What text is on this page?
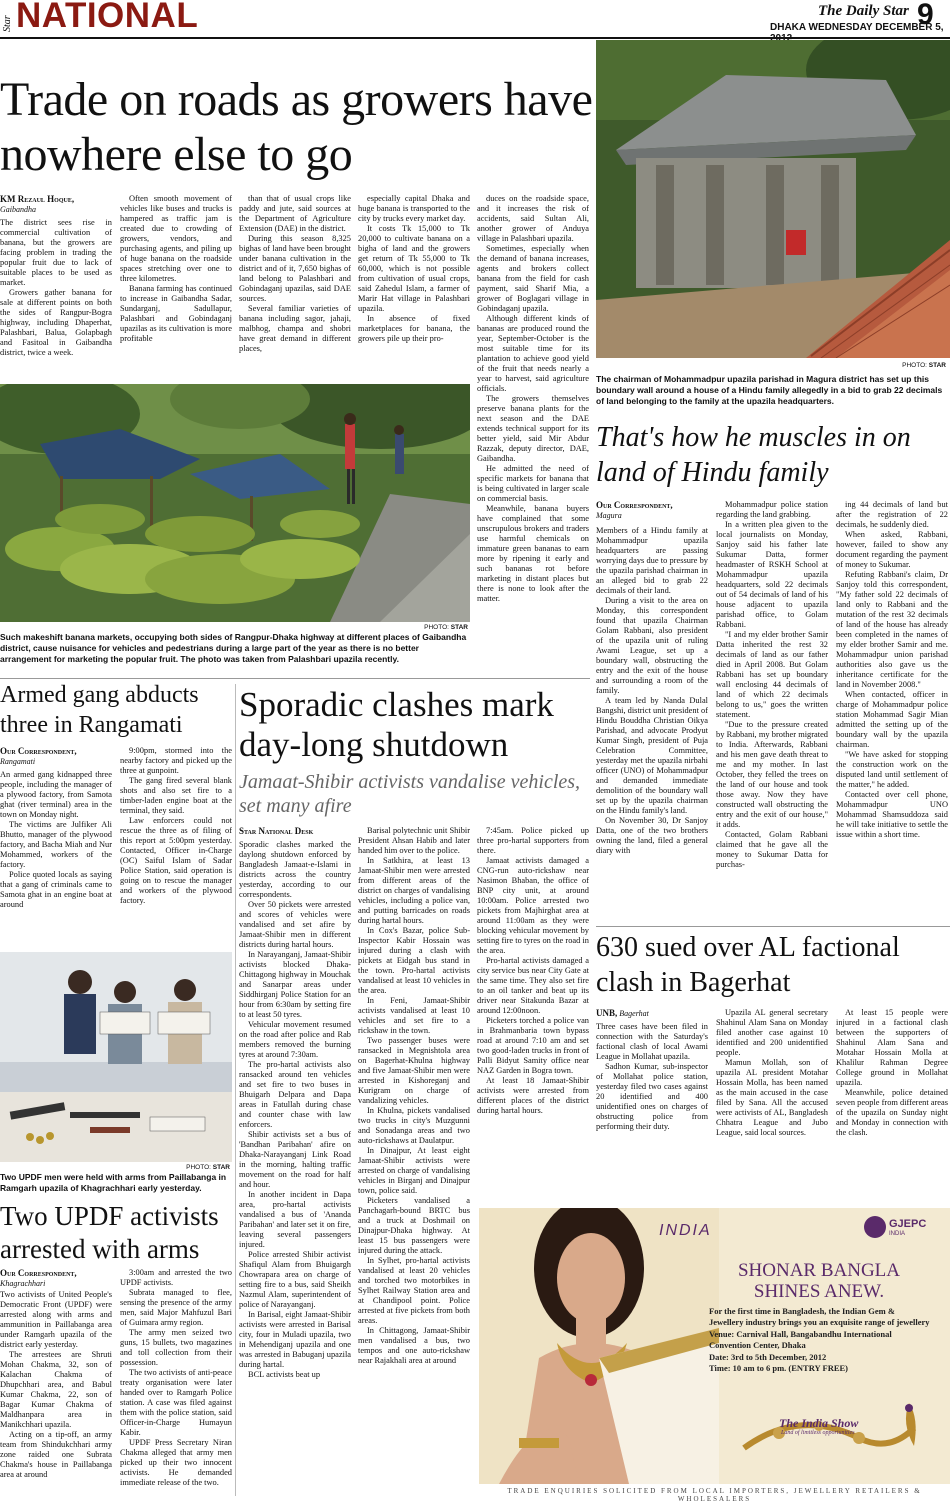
Star NATIONAL	The Daily Star
DHAKA WEDNESDAY DECEMBER 5,
9
Trade on roads as growers have nowhere else to go
KM Rezaul Hoque,
Gaibandha

The district sees rise in commercial cultivation of banana, but the growers are facing problem in trading the popular fruit due to lack of suitable places to be used as market.

Growers gather banana for sale at different points on both the sides of Rangpur-Bogra highway, including Dhaperhat, Palashbari, Balua, Golapbagh and Fasitoal in Gaibandha district, twice a week.

Often smooth movement of vehicles like buses and trucks is hampered as traffic jam is created due to crowding of growers, vendors, and purchasing agents, and piling up of huge banana on the roadside spaces stretching over one to three kilometres.

Banana farming has continued to increase in Gaibandha Sadar, Sundarganj, Sadullapur, Palashbari and Gobindaganj upazilas as its cultivation is more profitable

than that of usual crops like paddy and jute, said sources at the Department of Agriculture Extension (DAE) in the district.

During this season 8,325 bighas of land have been brought under banana cultivation in the district and of it, 7,650 bighas of land belong to Palashbari and Gobindaganj upazilas, said DAE sources.

Several familiar varieties of banana including sagor, jahaji, malbhog, champa and shobri have great demand in different places,

especially capital Dhaka and huge banana is transported to the city by trucks every market day.

It costs Tk 15,000 to Tk 20,000 to cultivate banana on a bigha of land and the growers get return of Tk 55,000 to Tk 60,000, which is not possible from cultivation of usual crops, said Zahedul Islam, a farmer of Marir Hat village in Palashbari upazila.

In absence of fixed marketplaces for banana, the growers pile up their pro-

duces on the roadside space, and it increases the risk of accidents, said Sultan Ali, another grower of Anduya village in Palashbari upazila.

Sometimes, especially when the demand of banana increases, agents and brokers collect banana from the field for cash payment, said Sharif Mia, a grower of Boglagari village in Gobindaganj upazila.

Although different kinds of bananas are produced round the year, September-October is the most suitable time for its plantation to achieve good yield of the fruit that needs nearly a year to harvest, said agriculture officials.

The growers themselves preserve banana plants for the next season and the DAE extends technical support for its better yield, said Mir Abdur Razzak, deputy director, DAE, Gaibandha.

He admitted the need of specific markets for banana that is being cultivated in larger scale on commercial basis.

Meanwhile, banana buyers have complained that some unscrupulous brokers and traders use harmful chemicals on immature green bananas to earn more by ripening it early and such bananas rot before marketing in distant places but there is none to look after the matter.

PHOTO: STAR
Such makeshift banana markets, occupying both sides of Rangpur-Dhaka highway at different places of Gaibandha district, cause nuisance for vehicles and pedestrians during a large part of the year as there is no better arrangement for marketing the popular fruit. The photo was taken from Palashbari upazila recently.
PHOTO: STAR
The chairman of Mohammadpur upazila parishad in Magura district has set up this boundary wall around a house of a Hindu family allegedly in a bid to grab 22 decimals of land belonging to the family at the upazila headquarters.
That's how he muscles in on land of Hindu family
Our Correspondent,
Magura

Members of a Hindu family at Mohammadpur upazila headquarters are passing worrying days due to pressure by the upazila parishad chairman in an alleged bid to grab 22 decimals of their land.

During a visit to the area on Monday, this correspondent found that upazila Chairman Golam Rabbani, also president of the upazila unit of ruling Awami League, set up a boundary wall, obstructing the entry and the exit of the house and surrounding a room of the family.

A team led by Nanda Dulal Bangshi, district unit president of Hindu Bouddha Christian Oikya Parishad, and advocate Prodyut Kumar Singh, president of Puja Celebration Committee, yesterday met the upazila nirbahi officer (UNO) of Mohammadpur and demanded immediate demolition of the boundary wall set up by the upazila chairman on the Hindu family's land.

On November 30, Dr Sanjoy Datta, one of the two brothers owning the land, filed a general diary with

Mohammadpur police station regarding the land grabbing.

In a written plea given to the local journalists on Monday, Sanjoy said his father late Sukumar Datta, former headmaster of RSKH School at Mohammadpur upazila headquarters, sold 22 decimals out of 54 decimals of land of his house adjacent to upazila parishad office, to Golam Rabbani.

"I and my elder brother Samir Datta inherited the rest 32 decimals of land as our father died in April 2008. But Golam Rabbani has set up boundary wall enclosing 44 decimals of land of which 22 decimals belong to us," goes the written statement.

"Due to the pressure created by Rabbani, my brother migrated to India. Afterwards, Rabbani and his men gave death threat to me and my mother. In last October, they felled the trees on the land of our house and took those away. Now they have constructed wall obstructing the entry and the exit of our house," it adds.

Contacted, Golam Rabbani claimed that he gave all the money to Sukumar Datta for purchas-

ing 44 decimals of land but after the registration of 22 decimals, he suddenly died.

When asked, Rabbani, however, failed to show any document regarding the payment of money to Sukumar.

Refuting Rabbani's claim, Dr Sanjoy told this correspondent, "My father sold 22 decimals of land only to Rabbani and the mutation of the rest 32 decimals of land of the house has already been completed in the names of my elder brother Samir and me. Mohammadpur union parishad authorities also gave us the inheritance certificate for the land in November 2008."

When contacted, officer in charge of Mohammadpur police station Mohammad Sagir Mian admitted the setting up of the boundary wall by the upazila chairman.

"We have asked for stopping the construction work on the disputed land until settlement of the matter," he added.

Contacted over cell phone, Mohammadpur UNO Mohammad Shamsuddoza said he will take initiative to settle the issue within a short time.

Armed gang abducts three in Rangamati
Our Correspondent,
Rangamati

An armed gang kidnapped three people, including the manager of a plywood factory, from Samota ghat (river terminal) area in the town on Monday night.

The victims are Julfiker Ali Bhutto, manager of the plywood factory, and Bacha Miah and Nur Mohammed, workers of the factory.

Police quoted locals as saying that a gang of criminals came to Samota ghat in an engine boat at around

9:00pm, stormed into the nearby factory and picked up the three at gunpoint.

The gang fired several blank shots and also set fire to a timber-laden engine boat at the terminal, they said.

Law enforcers could not rescue the three as of filing of this report at 5:00pm yesterday. Contacted, Officer in-Charge (OC) Saiful Islam of Sadar Police Station, said operation is going on to rescue the manager and workers of the plywood factory.

PHOTO: STAR
Two UPDF men were held with arms from Paillabanga in Ramgarh upazila of Khagrachhari early yesterday.
Two UPDF activists arrested with arms
Our Correspondent,
Khagrachhari

Two activists of United People's Democratic Front (UPDF) were arrested along with arms and ammunition in Paillabanga area under Ramgarh upazila of the district early yesterday.

The arrestees are Shruti Mohan Chakma, 32, son of Kalachan Chakma of Dhupchhari area, and Babul Kumar Chakma, 22, son of Bagar Kumar Chakma of Maldhanpara area in Manikchhari upazila.

Acting on a tip-off, an army team from Shindukchhari army zone raided one Subrata Chakma's house in Paillabanga area at around

3:00am and arrested the two UPDF activists.

Subrata managed to flee, sensing the presence of the army men, said Major Mahfuzul Bari of Guimara army region.

The army men seized two guns, 15 bullets, two magazines and toll collection from their possession.

The two activists of anti-peace treaty organisation were later handed over to Ramgarh Police station. A case was filed against them with the police station, said Officer-in-Charge Humayun Kabir.

UPDF Press Secretary Niran Chakma alleged that army men picked up their two innocent activists. He demanded immediate release of the two.

Sporadic clashes mark day-long shutdown
Jamaat-Shibir activists vandalise vehicles, set many afire
Star National Desk

Sporadic clashes marked the daylong shutdown enforced by Bangladesh Jamaat-e-Islami in districts across the country yesterday, according to our correspondents.

Over 50 pickets were arrested and scores of vehicles were vandalised and set afire by Jamaat-Shibir men in different districts during hartal hours.

In Narayanganj, Jamaat-Shibir activists blocked Dhaka-Chittagong highway in Mouchak and Sanarpar areas under Siddhirganj Police Station for an hour from 6:30am by setting fire to at least 50 tyres.

Vehicular movement resumed on the road after police and Rab members removed the burning tyres at around 7:30am.

The pro-hartal activists also ransacked around ten vehicles and set fire to two buses in Bhuigarh Delpara and Dapa areas in Fatullah during chase and counter chase with law enforcers.

Shibir activists set a bus of 'Bandhan Paribahan' afire on Dhaka-Narayanganj Link Road in the morning, halting traffic movement on the road for half and hour.

In another incident in Dapa area, pro-hartal activists vandalised a bus of 'Ananda Paribahan' and later set it on fire, leaving several passengers injured.

Police arrested Shibir activist Shafiqul Alam from Bhuigargh Chowrapara area on charge of setting fire to a bus, said Sheikh Nazmul Alam, superintendent of police of Narayanganj.

In Barisal, eight Jamaat-Shibir activists were arrested in Barisal city, four in Muladi upazila, two in Mehendiganj upazila and one was arrested in Babuganj upazila during hartal.

BCL activists beat up

Barisal polytechnic unit Shibir President Ahsan Habib and later handed him over to the police.

In Satkhira, at least 13 Jamaat-Shibir men were arrested from different areas of the district on charges of vandalising vehicles, including a police van, and putting barricades on roads during hartal hours.

In Cox's Bazar, police Sub-Inspector Kabir Hossain was injured during a clash with pickets at Eidgah bus stand in the town. Pro-hartal activists vandalised at least 10 vehicles in the area.

In Feni, Jamaat-Shibir activists vandalised at least 10 vehicles and set fire to a rickshaw in the town.

Two passenger buses were ransacked in Megnishtola area on Bagerhat-Khulna highway and five Jamaat-Shibir men were arrested in Kishoreganj and Kurigram on charge of vandalizing vehicles.

In Khulna, pickets vandalised two trucks in city's Muzgunni and Sonadanga areas and two auto-rickshaws at Daulatpur.

In Dinajpur, At least eight Jamaat-Shibir activists were arrested on charge of vandalising vehicles in Birganj and Dinajpur town, police said.

Picketers vandalised a Panchagarh-bound BRTC bus and a truck at Doshmail on Dinajpur-Dhaka highway. At least 15 bus passengers were injured during the attack.

In Sylhet, pro-hartal activists vandalised at least 20 vehicles and torched two motorbikes in Sylhet Railway Station area and at Chandipool point. Police arrested at five pickets from both areas.

In Chittagong, Jamaat-Shibir men vandalised a bus, two tempos and one auto-rickshaw near Rajakhali area at around

7:45am. Police picked up three pro-hartal supporters from there.

Jamaat activists damaged a CNG-run auto-rickshaw near Nasimon Bhaban, the office of BNP city unit, at around 10:00am. Police arrested two pickets from Majhirghat area at around 11:00am as they were blocking vehicular movement by setting fire to tyres on the road in the area.

Pro-hartal activists damaged a city service bus near City Gate at the same time. They also set fire to an oil tanker and beat up its driver near Sitakunda Bazar at around 12:00noon.

Picketers torched a police van in Brahmanbaria town bypass road at around 7:10 am and set two good-laden trucks in front of Palli Bidyut Samity office near NAZ Garden in Bogra town.

At least 18 Jamaat-Shibir activists were arrested from different places of the district during hartal hours.

630 sued over AL factional clash in Bagerhat
UNB, Bagerhat

Three cases have been filed in connection with the Saturday's factional clash of local Awami League in Mollahat upazila.

Sadhon Kumar, sub-inspector of Mollahat police station, yesterday filed two cases against 20 identified and 400 unidentified ones on charges of obstructing police from performing their duty.

Upazila AL general secretary Shahinul Alam Sana on Monday filed another case against 10 identified and 200 unidentified people.

Mamun Mollah, son of upazila AL president Motahar Hossain Molla, has been named as the main accused in the case filed by Sana. All the accused were activists of AL, Bangladesh Chhatra League and Jubo League, said local sources.

At least 15 people were injured in a factional clash between the supporters of Shahinul Alam Sana and Motahar Hossain Molla at Khalilur Rahman Degree College ground in Mollahat upazila.

Meanwhile, police detained seven people from different areas of the upazila on Sunday night and Monday in connection with the clash.

INDIA	GJEPC
INDIA
SHONAR BANGLA
SHINES ANEW.
For the first time in Bangladesh, the Indian Gem & Jewellery industry brings you an exquisite range of jewellery
Venue: Carnival Hall, Bangabandhu International Convention Center, Dhaka
Date: 3rd to 5th December, 2012
Time: 10 am to 6 pm. (ENTRY FREE)
The India Show
Land of limitless opportunities
TRADE ENQUIRIES SOLICITED FROM LOCAL IMPORTERS, JEWELLERY RETAILERS & WHOLESALERS
